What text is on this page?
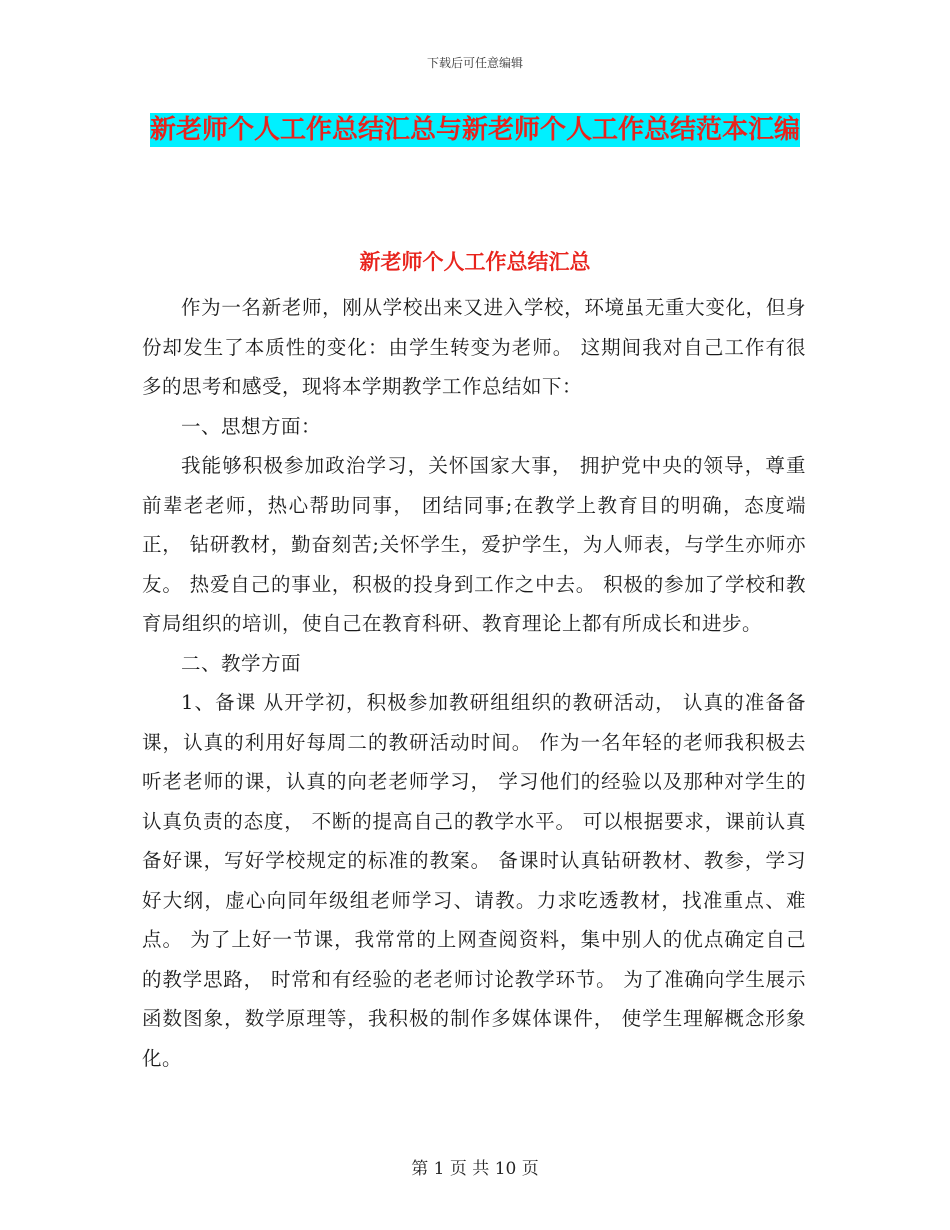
下载后可任意编辑
新老师个人工作总结汇总与新老师个人工作总结范本汇编
新老师个人工作总结汇总

作为一名新老师，刚从学校出来又进入学校，环境虽无重大变化，但身份却发生了本质性的变化：由学生转变为老师。 这期间我对自己工作有很多的思考和感受，现将本学期教学工作总结如下：

一、思想方面：

我能够积极参加政治学习，关怀国家大事， 拥护党中央的领导，尊重前辈老老师，热心帮助同事， 团结同事;在教学上教育目的明确，态度端正， 钻研教材，勤奋刻苦;关怀学生，爱护学生，为人师表，与学生亦师亦友。 热爱自己的事业，积极的投身到工作之中去。 积极的参加了学校和教育局组织的培训，使自己在教育科研、教育理论上都有所成长和进步。

二、教学方面

1、备课 从开学初，积极参加教研组组织的教研活动， 认真的准备备课，认真的利用好每周二的教研活动时间。 作为一名年轻的老师我积极去听老老师的课，认真的向老老师学习， 学习他们的经验以及那种对学生的认真负责的态度， 不断的提高自己的教学水平。 可以根据要求，课前认真备好课，写好学校规定的标准的教案。 备课时认真钻研教材、教参，学习好大纲，虚心向同年级组老师学习、请教。力求吃透教材，找准重点、难点。 为了上好一节课，我常常的上网查阅资料，集中别人的优点确定自己的教学思路， 时常和有经验的老老师讨论教学环节。 为了准确向学生展示函数图象，数学原理等，我积极的制作多媒体课件， 使学生理解概念形象化。

第 1 页 共 10 页
